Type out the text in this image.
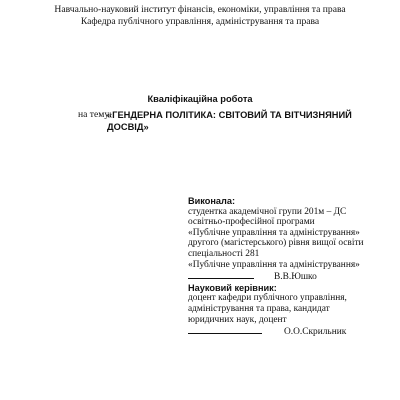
Навчально-науковий інститут фінансів, економіки, управління та права
Кафедра публічного управління, адміністрування та права
Кваліфікаційна робота
на тему:
«ГЕНДЕРНА ПОЛІТИКА: СВІТОВИЙ ТА ВІТЧИЗНЯНИЙ ДОСВІД»
Виконала:
студентка академічної групи 201м – ДС
освітньо-професійної програми
«Публічне управління та адміністрування»
другого (магістерського) рівня вищої освіти
спеціальності 281
«Публічне управління та адміністрування»
В.В.Юшко
Науковий керівник:
доцент кафедри публічного управління,
адміністрування та права, кандидат
юридичних наук, доцент
О.О.Скрильник
